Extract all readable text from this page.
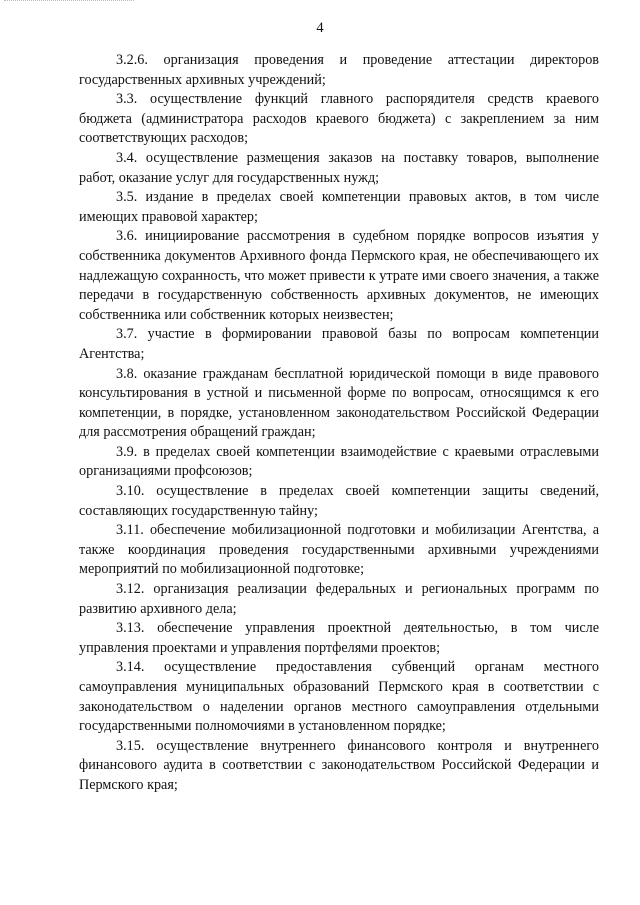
4

3.2.6. организация проведения и проведение аттестации директоров государственных архивных учреждений;

3.3. осуществление функций главного распорядителя средств краевого бюджета (администратора расходов краевого бюджета) с закреплением за ним соответствующих расходов;

3.4. осуществление размещения заказов на поставку товаров, выполнение работ, оказание услуг для государственных нужд;

3.5. издание в пределах своей компетенции правовых актов, в том числе имеющих правовой характер;

3.6. инициирование рассмотрения в судебном порядке вопросов изъятия у собственника документов Архивного фонда Пермского края, не обеспечивающего их надлежащую сохранность, что может привести к утрате ими своего значения, а также передачи в государственную собственность архивных документов, не имеющих собственника или собственник которых неизвестен;

3.7. участие в формировании правовой базы по вопросам компетенции Агентства;

3.8. оказание гражданам бесплатной юридической помощи в виде правового консультирования в устной и письменной форме по вопросам, относящимся к его компетенции, в порядке, установленном законодательством Российской Федерации для рассмотрения обращений граждан;

3.9. в пределах своей компетенции взаимодействие с краевыми отраслевыми организациями профсоюзов;

3.10. осуществление в пределах своей компетенции защиты сведений, составляющих государственную тайну;

3.11. обеспечение мобилизационной подготовки и мобилизации Агентства, а также координация проведения государственными архивными учреждениями мероприятий по мобилизационной подготовке;

3.12. организация реализации федеральных и региональных программ по развитию архивного дела;

3.13. обеспечение управления проектной деятельностью, в том числе управления проектами и управления портфелями проектов;

3.14. осуществление предоставления субвенций органам местного самоуправления муниципальных образований Пермского края в соответствии с законодательством о наделении органов местного самоуправления отдельными государственными полномочиями в установленном порядке;

3.15. осуществление внутреннего финансового контроля и внутреннего финансового аудита в соответствии с законодательством Российской Федерации и Пермского края;
